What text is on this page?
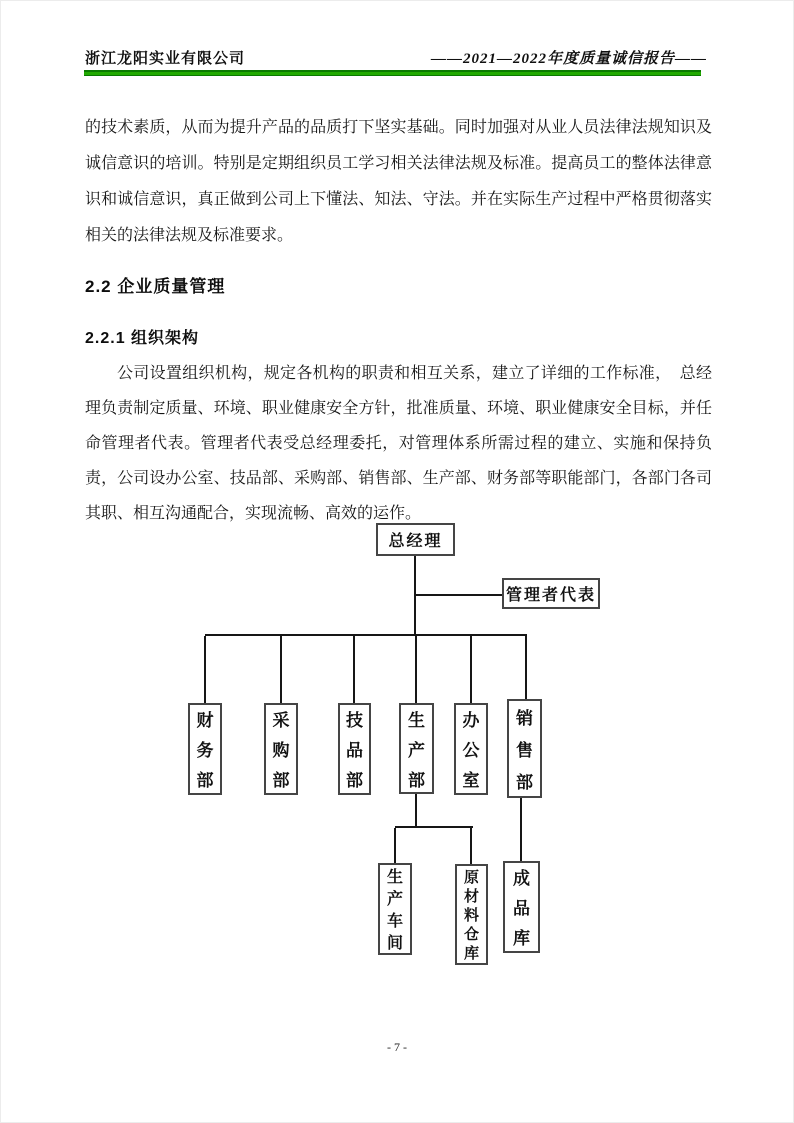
浙江龙阳实业有限公司	——2021—2022年度质量诚信报告——
的技术素质，从而为提升产品的品质打下坚实基础。同时加强对从业人员法律法规知识及诚信意识的培训。特别是定期组织员工学习相关法律法规及标准。提高员工的整体法律意识和诚信意识，真正做到公司上下懂法、知法、守法。并在实际生产过程中严格贯彻落实相关的法律法规及标准要求。
2.2 企业质量管理
2.2.1 组织架构
公司设置组织机构，规定各机构的职责和相互关系，建立了详细的工作标准，　总经理负责制定质量、环境、职业健康安全方针，批准质量、环境、职业健康安全目标，并任命管理者代表。管理者代表受总经理委托，对管理体系所需过程的建立、实施和保持负责，公司设办公室、技品部、采购部、销售部、生产部、财务部等职能部门，各部门各司其职、相互沟通配合，实现流畅、高效的运作。
总经理
管理者代表
财务部
采购部
技品部
生产部
办公室
销售部
生产车间
原材料仓库
成品库
- 7 -
